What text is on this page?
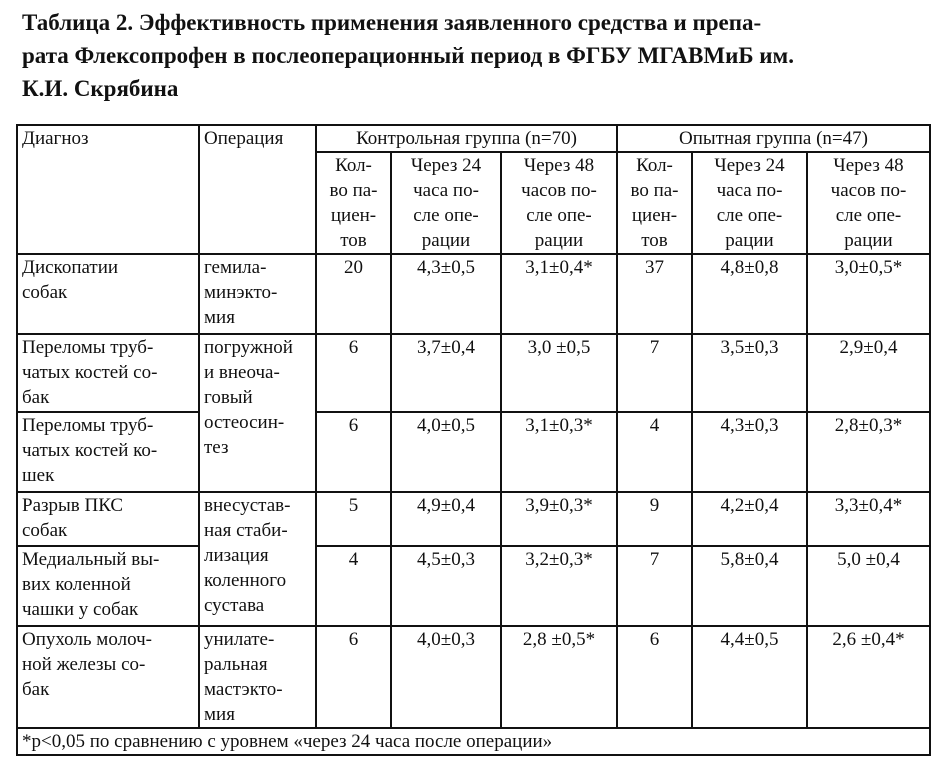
Таблица 2. Эффективность применения заявленного средства и препа-
рата Флексопрофен в послеоперационный период в ФГБУ МГАВМиБ им.
К.И. Скрябина
Диагноз	Операция	Контрольная группа (n=70)			Опытная группа (n=47)		

		Кол-
во па-
циен-
тов	Через 24
часа по-
сле опе-
рации	Через 48
часов по-
сле опе-
рации	Кол-
во па-
циен-
тов	Через 24
часа по-
сле опе-
рации	Через 48
часов по-
сле опе-
рации

Дископатии
собак	гемила-
минэкто-
мия	20	4,3±0,5	3,1±0,4*	37	4,8±0,8	3,0±0,5*

Переломы труб-
чатых костей со-
бак	погружной
и внеоча-
говый
остеосин-
тез	6	3,7±0,4	3,0 ±0,5	7	3,5±0,3	2,9±0,4

Переломы труб-
чатых костей ко-
шек		6	4,0±0,5	3,1±0,3*	4	4,3±0,3	2,8±0,3*

Разрыв ПКС
собак	внесустав-
ная стаби-
лизация
коленного
сустава	5	4,9±0,4	3,9±0,3*	9	4,2±0,4	3,3±0,4*

Медиальный вы-
вих коленной
чашки у собак		4	4,5±0,3	3,2±0,3*	7	5,8±0,4	5,0 ±0,4

Опухоль молоч-
ной железы со-
бак	унилате-
ральная
мастэкто-
мия	6	4,0±0,3	2,8 ±0,5*	6	4,4±0,5	2,6 ±0,4*
*p<0,05 по сравнению с уровнем «через 24 часа после операции»							
